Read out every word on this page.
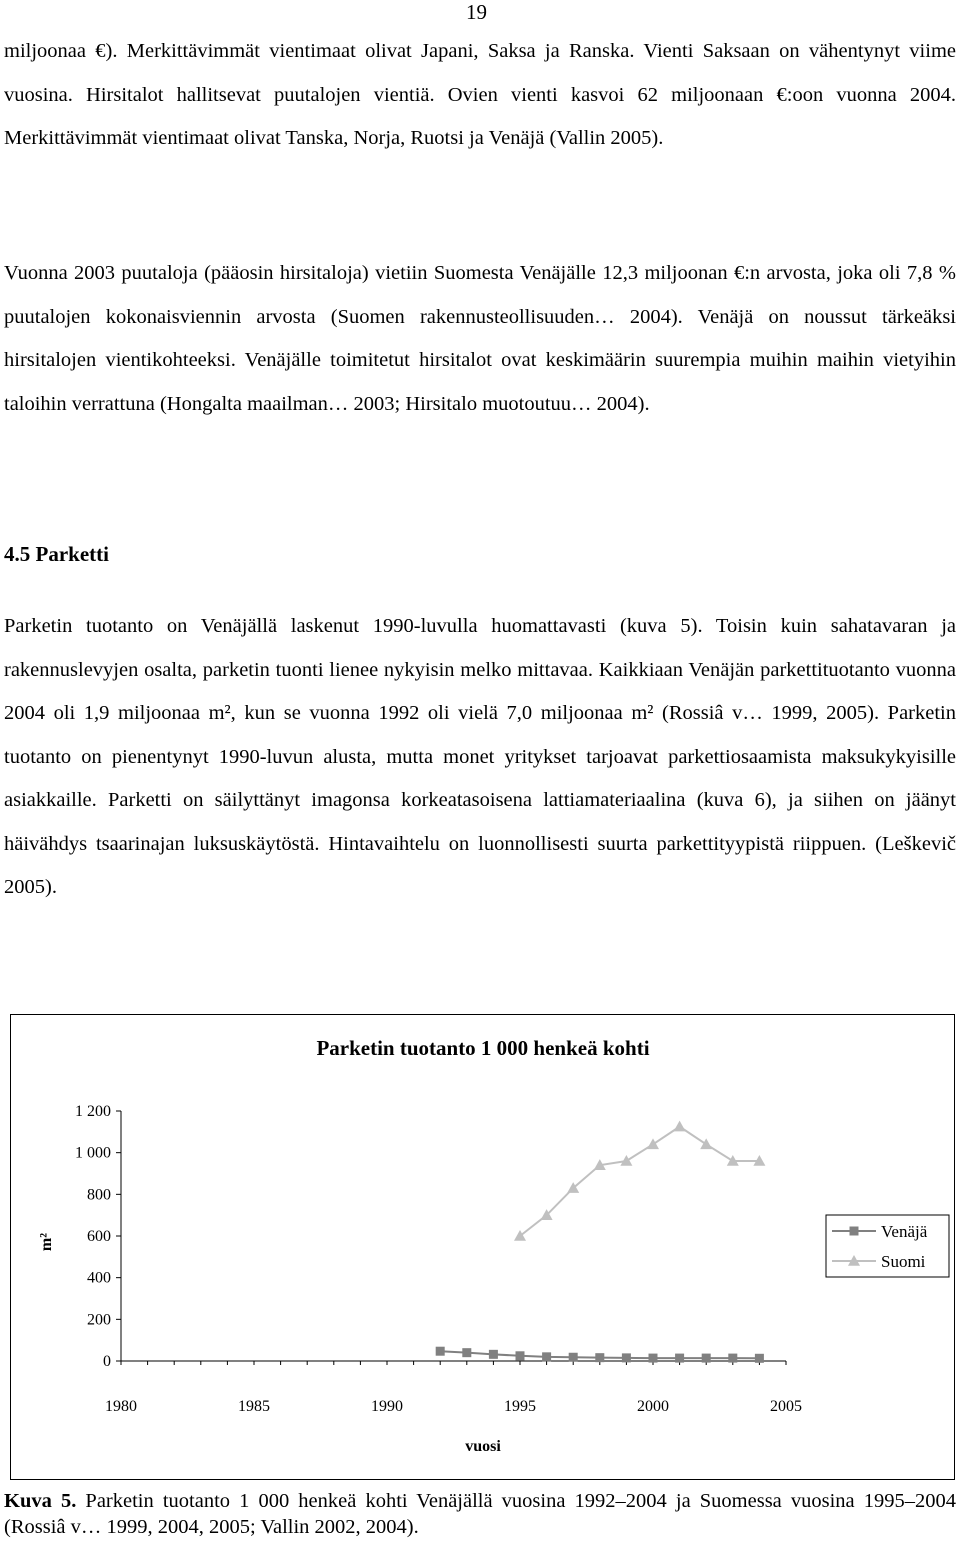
19

miljoonaa €). Merkittävimmät vientimaat olivat Japani, Saksa ja Ranska. Vienti Saksaan on vähentynyt viime vuosina. Hirsitalot hallitsevat puutalojen vientiä. Ovien vienti kasvoi 62 miljoonaan €:oon vuonna 2004. Merkittävimmät vientimaat olivat Tanska, Norja, Ruotsi ja Venäjä (Vallin 2005).

Vuonna 2003 puutaloja (pääosin hirsitaloja) vietiin Suomesta Venäjälle 12,3 miljoonan €:n arvosta, joka oli 7,8 % puutalojen kokonaisviennin arvosta (Suomen rakennusteollisuuden… 2004). Venäjä on noussut tärkeäksi hirsitalojen vientikohteeksi. Venäjälle toimitetut hirsitalot ovat keskimäärin suurempia muihin maihin vietyihin taloihin verrattuna (Hongalta maailman… 2003; Hirsitalo muotoutuu… 2004).

4.5 Parketti

Parketin tuotanto on Venäjällä laskenut 1990-luvulla huomattavasti (kuva 5). Toisin kuin sahatavaran ja rakennuslevyjen osalta, parketin tuonti lienee nykyisin melko mittavaa. Kaikkiaan Venäjän parkettituotanto vuonna 2004 oli 1,9 miljoonaa m², kun se vuonna 1992 oli vielä 7,0 miljoonaa m² (Rossiâ v… 1999, 2005). Parketin tuotanto on pienentynyt 1990-luvun alusta, mutta monet yritykset tarjoavat parkettiosaamista maksukykyisille asiakkaille. Parketti on säilyttänyt imagonsa korkeatasoisena lattiamateriaalina (kuva 6), ja siihen on jäänyt häivähdys tsaarinajan luksuskäytöstä. Hintavaihtelu on luonnollisesti suurta parkettityypistä riippuen. (Leškevič 2005).

Parketin tuotanto 1 000 henkeä kohti
0
200
400
600
800
1 000
1 200
1980	1985	1990	1995	2000	2005
vuosi
m²
Venäjä
Suomi

Kuva 5. Parketin tuotanto 1 000 henkeä kohti Venäjällä vuosina 1992–2004 ja Suomessa vuosina 1995–2004 (Rossiâ v… 1999, 2004, 2005; Vallin 2002, 2004).
